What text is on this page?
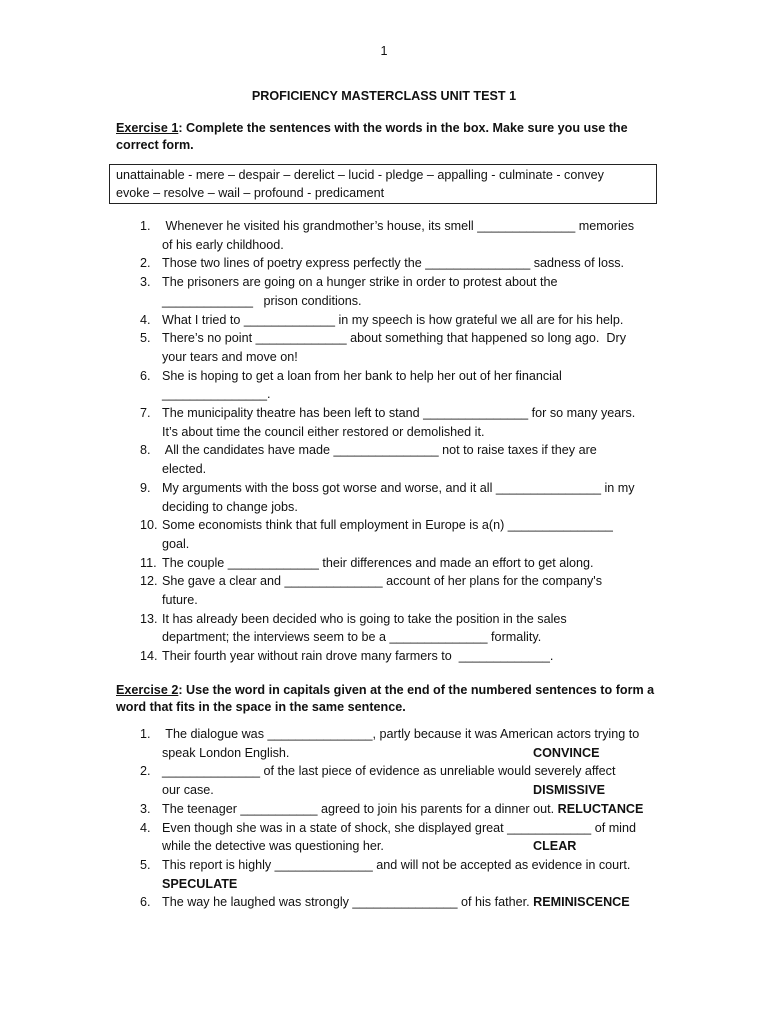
1
PROFICIENCY MASTERCLASS UNIT TEST 1
Exercise 1: Complete the sentences with the words in the box. Make sure you use the correct form.
unattainable - mere – despair – derelict – lucid - pledge – appalling - culminate - convey
evoke – resolve – wail – profound - predicament
1. Whenever he visited his grandmother’s house, its smell ______________ memories
of his early childhood.
2. Those two lines of poetry express perfectly the _______________ sadness of loss.
3. The prisoners are going on a hunger strike in order to protest about the
_____________   prison conditions.
4. What I tried to _____________ in my speech is how grateful we all are for his help.
5. There’s no point _____________ about something that happened so long ago.  Dry
your tears and move on!
6. She is hoping to get a loan from her bank to help her out of her financial
_______________.
7. The municipality theatre has been left to stand _______________ for so many years.
It’s about time the council either restored or demolished it.
8. All the candidates have made _______________ not to raise taxes if they are
elected.
9. My arguments with the boss got worse and worse, and it all _______________ in my
deciding to change jobs.
10. Some economists think that full employment in Europe is a(n) _______________
goal.
11. The couple _____________ their differences and made an effort to get along.
12. She gave a clear and ______________ account of her plans for the company's
future.
13. It has already been decided who is going to take the position in the sales
department; the interviews seem to be a ______________ formality.
14. Their fourth year without rain drove many farmers to  _____________.
Exercise 2: Use the word in capitals given at the end of the numbered sentences to form a word that fits in the space in the same sentence.
1. The dialogue was _______________, partly because it was American actors trying to
speak London English.	CONVINCE
2. ______________ of the last piece of evidence as unreliable would severely affect
our case.	DISMISSIVE
3. The teenager ___________ agreed to join his parents for a dinner out. RELUCTANCE
4. Even though she was in a state of shock, she displayed great ____________ of mind
while the detective was questioning her.	CLEAR
5. This report is highly ______________ and will not be accepted as evidence in court.
SPECULATE
6. The way he laughed was strongly _______________ of his father. REMINISCENCE
